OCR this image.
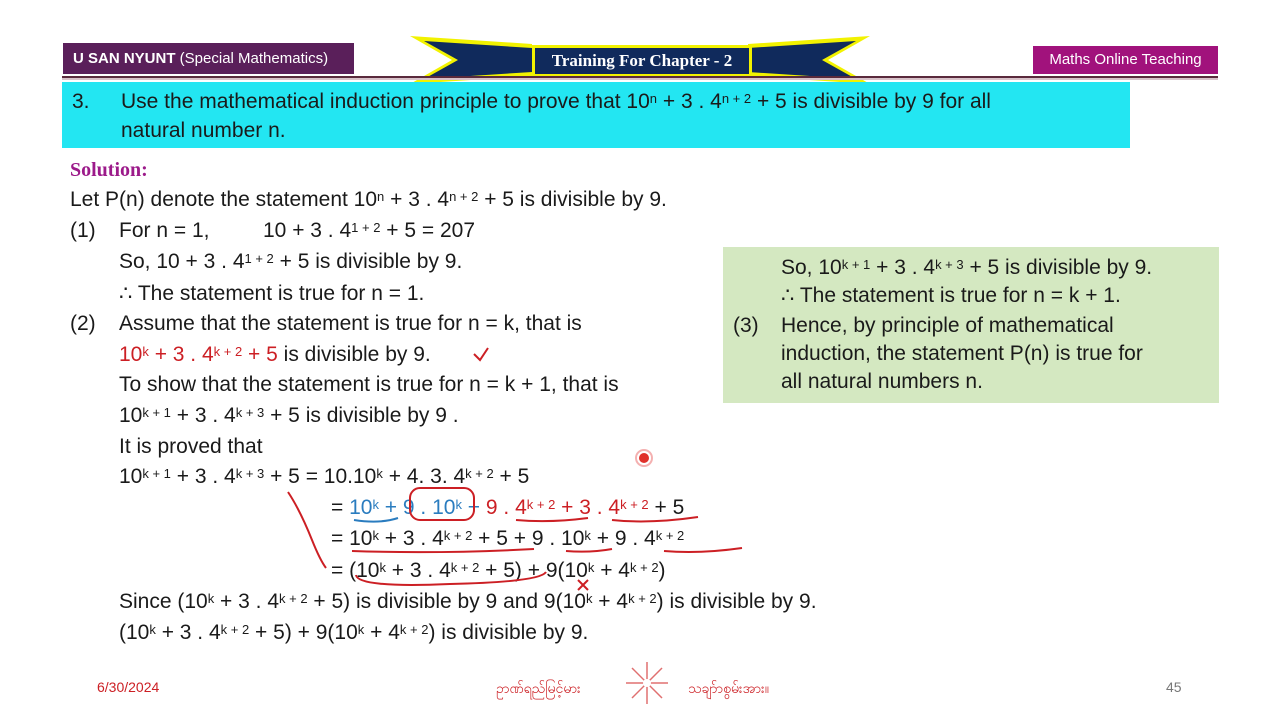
U SAN NYUNT (Special Mathematics)	Training For Chapter - 2	Maths Online Teaching
3. Use the mathematical induction principle to prove that $10^n + 3$ . $4^{n + 2} + 5$ is divisible by 9 for all
natural number n.
Solution:
Let P(n) denote the statement $10^n + 3$ . $4^{n + 2} + 5$ is divisible by 9.
(1) For n = 1,	10 + 3 . $4^{1 + 2} + 5 = 207$
So, 10 + 3 . $4^{1 + 2} + 5$ is divisible by 9.
∴ The statement is true for n = 1.
(2) Assume that the statement is true for n = k, that is
$10^k + 3$ . $4^{k + 2} + 5$ is divisible by 9.
To show that the statement is true for n = k + 1, that is
$10^{k + 1} + 3$ . $4^{k + 3} + 5$ is divisible by 9 .
It is proved that
$10^{k + 1} + 3$ . $4^{k + 3} + 5 = 10.10^k + 4$. 3. $4^{k + 2} + 5$
= $10^k + 9$ . $10^k + 9$ . $4^{k + 2} + 3$ . $4^{k + 2} + 5$
= $10^k + 3$ . $4^{k + 2} + 5 + 9$ . $10^k + 9$ . $4^{k + 2}$
= ($10^k + 3$ . $4^{k + 2} + 5) + 9(10^k + 4^{k + 2})$
Since ($10^k + 3$ . $4^{k + 2} + 5$) is divisible by 9 and $9(10^k + 4^{k + 2})$ is divisible by 9.
($10^k + 3$ . $4^{k + 2} + 5) + 9(10^k + 4^{k + 2})$ is divisible by 9.
So, $10^{k + 1} + 3$ . $4^{k + 3} + 5$ is divisible by 9.
∴ The statement is true for n = k + 1.
(3) Hence, by principle of mathematical
induction, the statement P(n) is true for
all natural numbers n.
6/30/2024	ဥာဏ်ရည်မြင့်မား	သချာ်ာစွမ်းအား။	45
